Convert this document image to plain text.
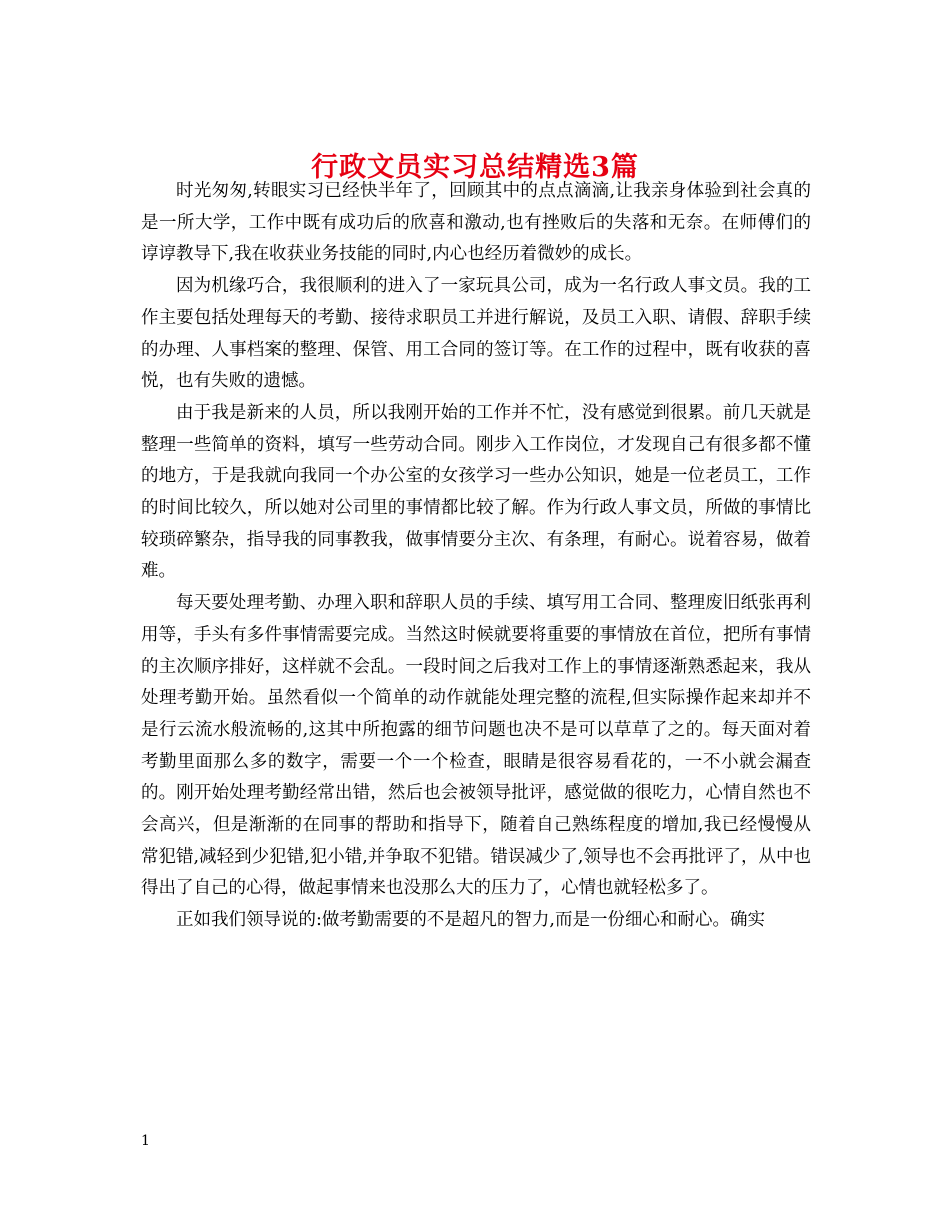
行政文员实习总结精选3篇

时光匆匆,转眼实习已经快半年了，回顾其中的点点滴滴,让我亲身体验到社会真的是一所大学，工作中既有成功后的欣喜和激动,也有挫败后的失落和无奈。在师傅们的谆谆教导下,我在收获业务技能的同时,内心也经历着微妙的成长。

因为机缘巧合，我很顺利的进入了一家玩具公司，成为一名行政人事文员。我的工作主要包括处理每天的考勤、接待求职员工并进行解说，及员工入职、请假、辞职手续的办理、人事档案的整理、保管、用工合同的签订等。在工作的过程中，既有收获的喜悦，也有失败的遗憾。

由于我是新来的人员，所以我刚开始的工作并不忙，没有感觉到很累。前几天就是整理一些简单的资料，填写一些劳动合同。刚步入工作岗位，才发现自己有很多都不懂的地方，于是我就向我同一个办公室的女孩学习一些办公知识，她是一位老员工，工作的时间比较久，所以她对公司里的事情都比较了解。作为行政人事文员，所做的事情比较琐碎繁杂，指导我的同事教我，做事情要分主次、有条理，有耐心。说着容易，做着难。

每天要处理考勤、办理入职和辞职人员的手续、填写用工合同、整理废旧纸张再利用等，手头有多件事情需要完成。当然这时候就要将重要的事情放在首位，把所有事情的主次顺序排好，这样就不会乱。一段时间之后我对工作上的事情逐渐熟悉起来，我从处理考勤开始。虽然看似一个简单的动作就能处理完整的流程,但实际操作起来却并不是行云流水般流畅的,这其中所抱露的细节问题也决不是可以草草了之的。每天面对着考勤里面那么多的数字，需要一个一个检查，眼睛是很容易看花的，一不小就会漏查的。刚开始处理考勤经常出错，然后也会被领导批评，感觉做的很吃力，心情自然也不会高兴，但是渐渐的在同事的帮助和指导下，随着自己熟练程度的增加,我已经慢慢从常犯错,减轻到少犯错,犯小错,并争取不犯错。错误减少了,领导也不会再批评了，从中也得出了自己的心得，做起事情来也没那么大的压力了，心情也就轻松多了。

正如我们领导说的:做考勤需要的不是超凡的智力,而是一份细心和耐心。确实

1
